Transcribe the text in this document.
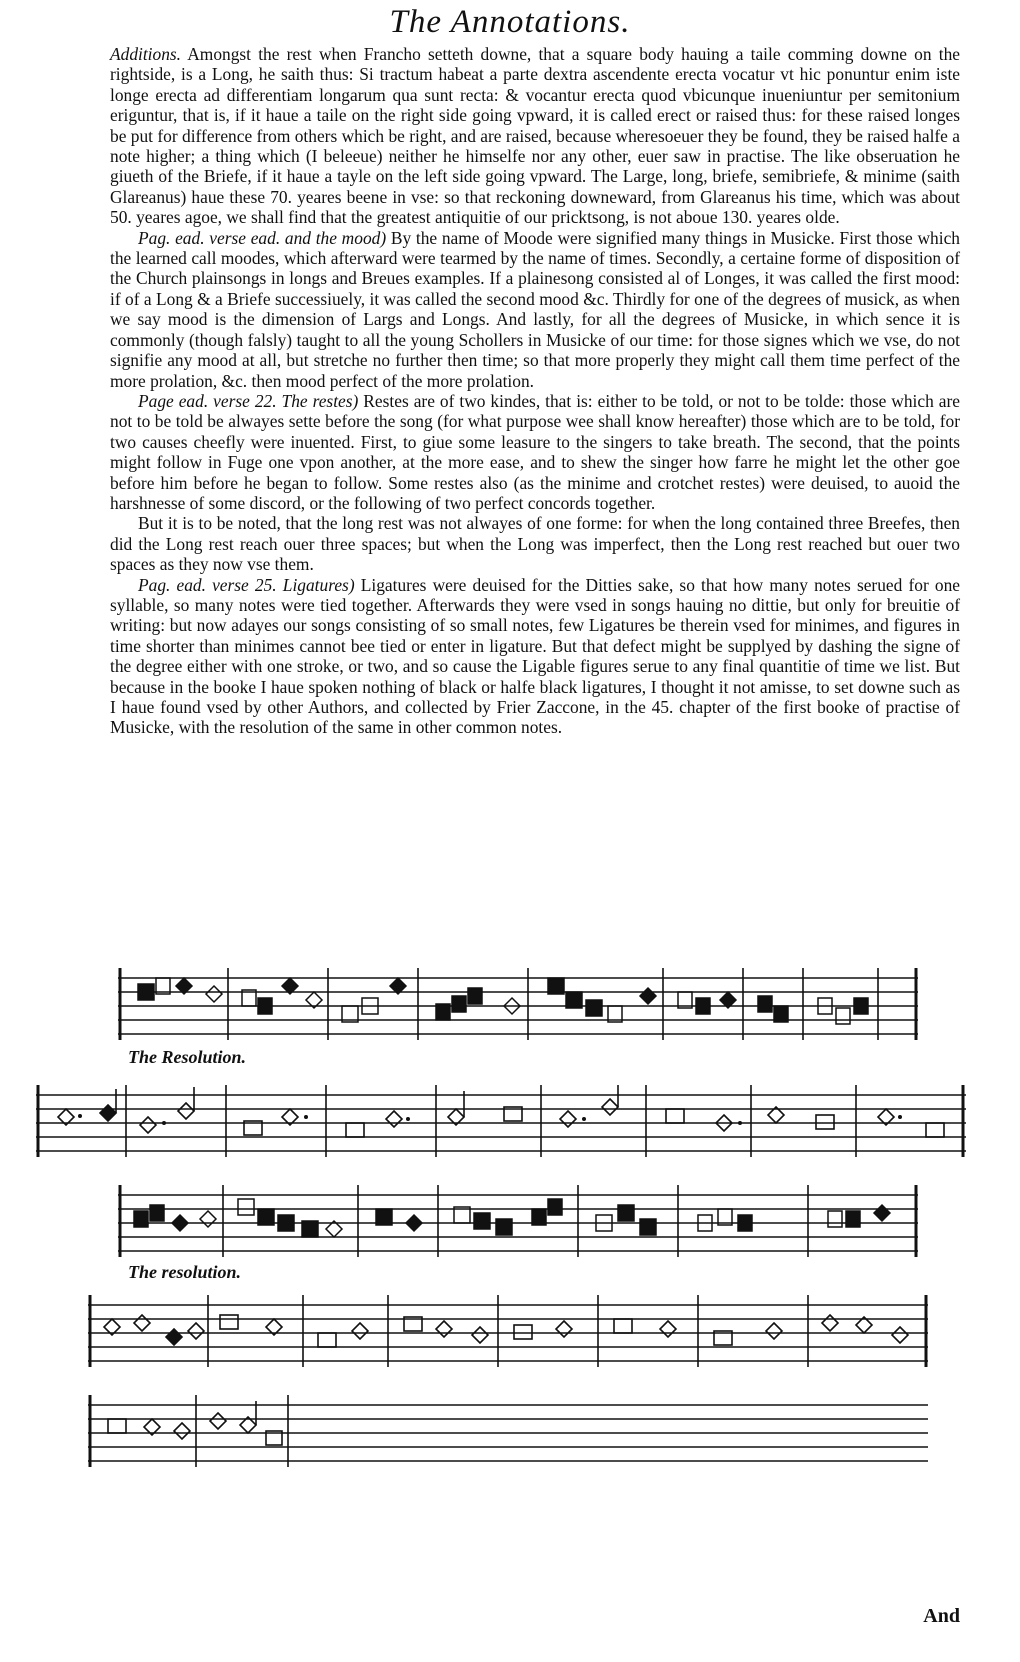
The Annotations.

Additions. Amongst the rest when Francho setteth downe, that a square body hauing a taile comming downe on the rightside, is a Long, he saith thus: Si tractum habeat a parte dextra ascendente erecta vocatur vt hic ponuntur enim iste longe erecta ad differentiam longarum qua sunt recta: & vocantur erecta quod vbicunque inueniuntur per semitonium eriguntur, that is, if it haue a taile on the right side going vpward, it is called erect or raised thus: for these raised longes be put for difference from others which be right, and are raised, because wheresoeuer they be found, they be raised halfe a note higher; a thing which (I beleeue) neither he himselfe nor any other, euer saw in practise. The like obseruation he giueth of the Briefe, if it haue a tayle on the left side going vpward. The Large, long, briefe, semibriefe, & minime (saith Glareanus) haue these 70. yeares beene in vse: so that reckoning downeward, from Glareanus his time, which was about 50. yeares agoe, we shall find that the greatest antiquitie of our pricktsong, is not aboue 130. yeares olde.

Pag. ead. verse ead. and the mood) By the name of Moode were signified many things in Musicke. First those which the learned call moodes, which afterward were tearmed by the name of times. Secondly, a certaine forme of disposition of the Church plainsongs in longs and Breues examples. If a plainesong consisted al of Longes, it was called the first mood: if of a Long & a Briefe successiuely, it was called the second mood &c. Thirdly for one of the degrees of musick, as when we say mood is the dimension of Largs and Longs. And lastly, for all the degrees of Musicke, in which sence it is commonly (though falsly) taught to all the young Schollers in Musicke of our time: for those signes which we vse, do not signifie any mood at all, but stretche no further then time; so that more properly they might call them time perfect of the more prolation, &c. then mood perfect of the more prolation.

Page ead. verse 22. The restes) Restes are of two kindes, that is: either to be told, or not to be tolde: those which are not to be told be alwayes sette before the song (for what purpose wee shall know hereafter) those which are to be told, for two causes cheefly were inuented. First, to giue some leasure to the singers to take breath. The second, that the points might follow in Fuge one vpon another, at the more ease, and to shew the singer how farre he might let the other goe before him before he began to follow. Some restes also (as the minime and crotchet restes) were deuised, to auoid the harshnesse of some discord, or the following of two perfect concords together.

But it is to be noted, that the long rest was not alwayes of one forme: for when the long contained three Breefes, then did the Long rest reach ouer three spaces; but when the Long was imperfect, then the Long rest reached but ouer two spaces as they now vse them.

Pag. ead. verse 25. Ligatures) Ligatures were deuised for the Ditties sake, so that how many notes serued for one syllable, so many notes were tied together. Afterwards they were vsed in songs hauing no dittie, but only for breuitie of writing: but now adayes our songs consisting of so small notes, few Ligatures be therein vsed for minimes, and figures in time shorter than minimes cannot bee tied or enter in ligature. But that defect might be supplyed by dashing the signe of the degree either with one stroke, or two, and so cause the Ligable figures serue to any final quantitie of time we list. But because in the booke I haue spoken nothing of black or halfe black ligatures, I thought it not amisse, to set downe such as I haue found vsed by other Authors, and collected by Frier Zaccone, in the 45. chapter of the first booke of practise of Musicke, with the resolution of the same in other common notes.

The Resolution.
The resolution.
And
